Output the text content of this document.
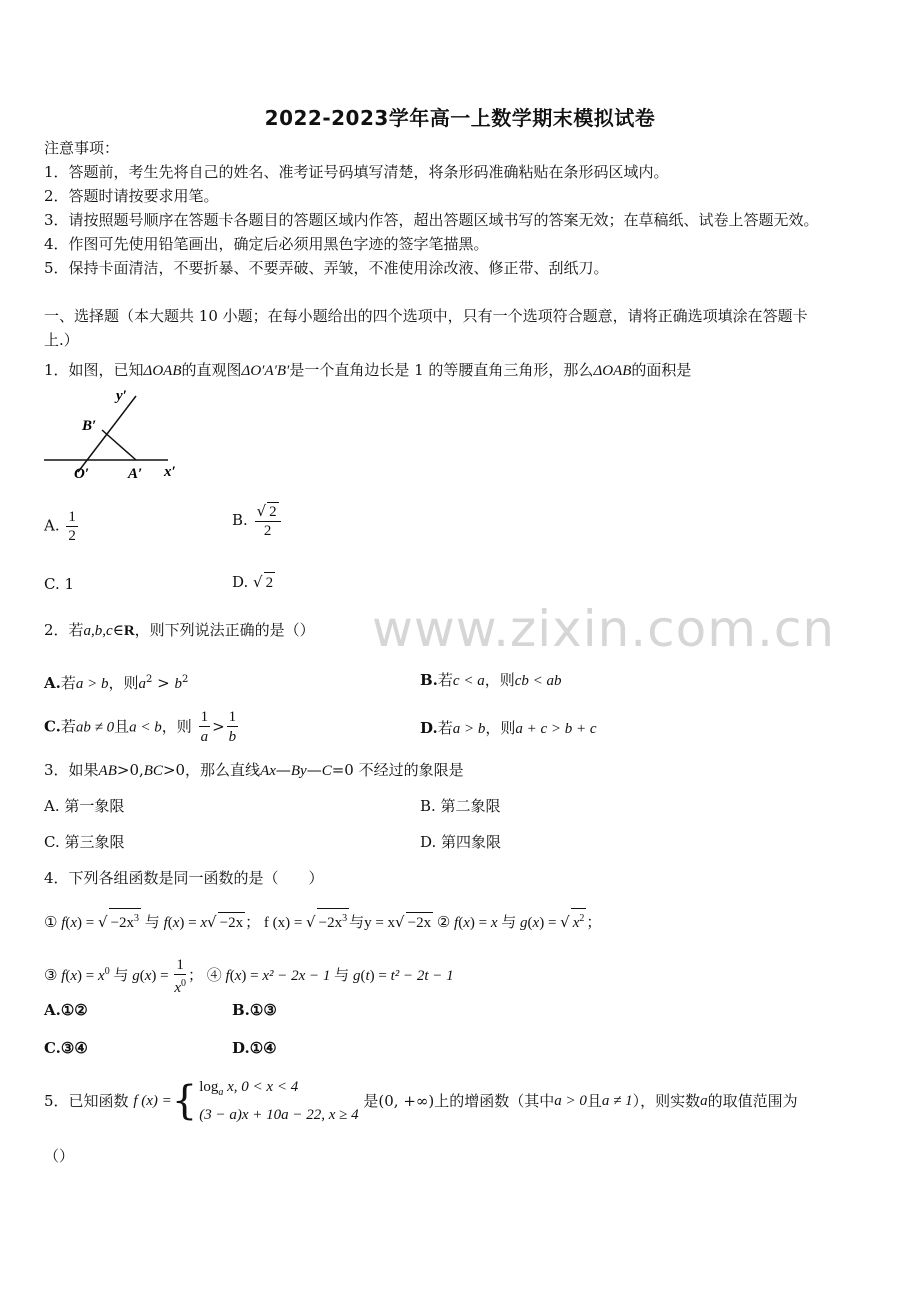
2022-2023学年高一上数学期末模拟试卷
注意事项：
1．答题前，考生先将自己的姓名、准考证号码填写清楚，将条形码准确粘贴在条形码区域内。
2．答题时请按要求用笔。
3．请按照题号顺序在答题卡各题目的答题区域内作答，超出答题区域书写的答案无效；在草稿纸、试卷上答题无效。
4．作图可先使用铅笔画出，确定后必须用黑色字迹的签字笔描黑。
5．保持卡面清洁，不要折暴、不要弄破、弄皱，不准使用涂改液、修正带、刮纸刀。
一、选择题（本大题共 10 小题；在每小题给出的四个选项中，只有一个选项符合题意，请将正确选项填涂在答题卡
上.）
1．如图，已知ΔOAB的直观图ΔO′A′B′是一个直角边长是 1 的等腰直角三角形，那么ΔOAB的面积是
y′
B′
O′	A′ x′
A. $\frac{1}{2}$	B. $\frac{√ 2}{2}$
C. 1	D. √ 2
2．若a,b,c∈R，则下列说法正确的是（）
A.若a > b，则$a^2 > b^2$	B.若c < a，则cb < ab
C.若ab ≠ 0且a < b，则 $\frac{1}{a} > \frac{1}{b}$	D.若a > b，则a + c > b + c
3．如果AB>0,BC>0，那么直线Ax—By—C=0 不经过的象限是
A. 第一象限	B. 第二象限
C. 第三象限	D. 第四象限
4．下列各组函数是同一函数的是（　　）
① f(x) = √ $-2x^3$ 与 f(x) = x√ −2x ； f (x) = √ $-2x^3$ 与y = x√ −2x ② f(x) = x 与 g(x) = √ $x^2$ ；
③ $f(x) = x^0$ 与 $g(x) = \frac{1}{x^0}$ ； ④ f(x) = x² − 2x − 1 与 g(t) = t² − 2t − 1
A.①②	B.①③
C.③④	D.①④
5．已知函数 f (x) ={ $\log_a x$, 0 < x < 4
(3 − a)x + 10a − 22, x ≥ 4
是(0, +∞)上的增函数（其中a > 0且a ≠ 1），则实数a的取值范围为
（）
www.zixin.com.cn
